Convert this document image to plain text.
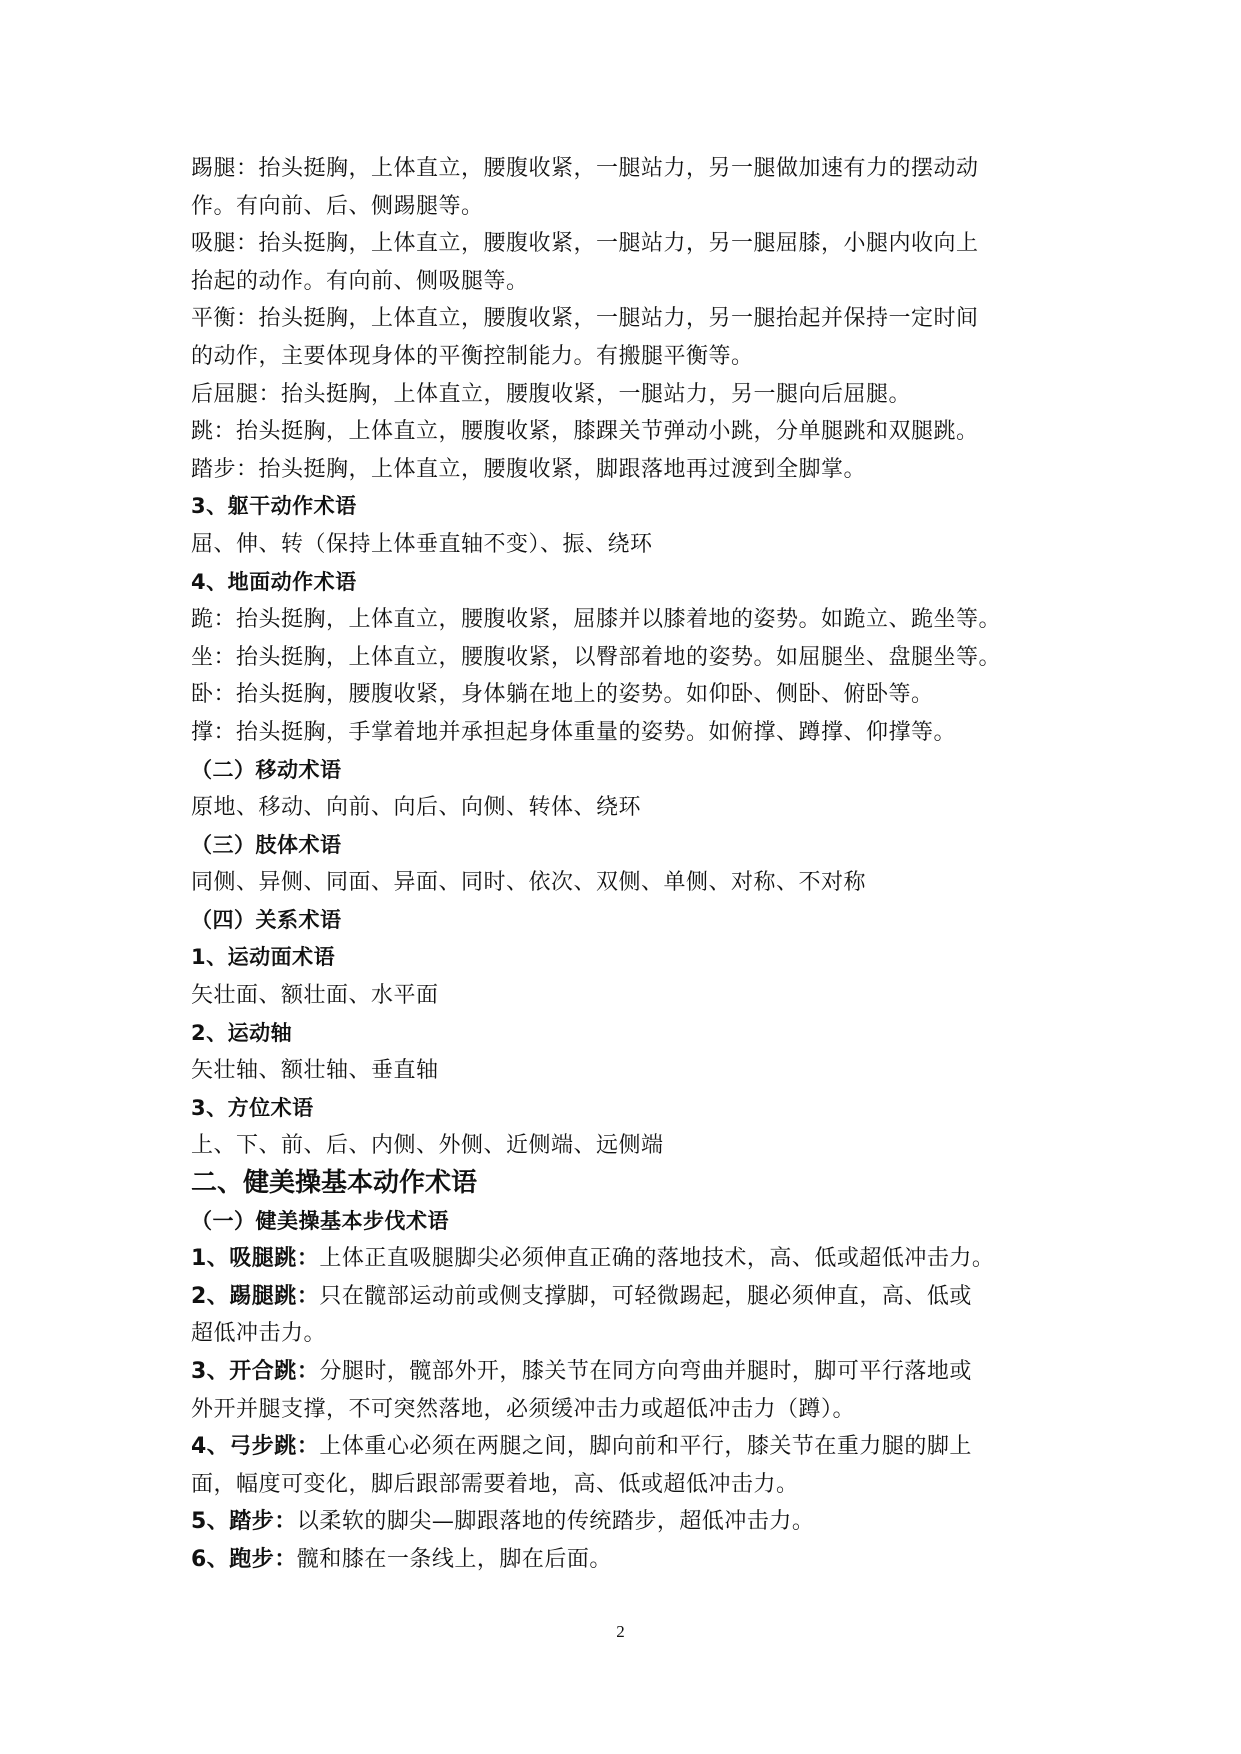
踢腿：抬头挺胸，上体直立，腰腹收紧，一腿站力，另一腿做加速有力的摆动动
作。有向前、后、侧踢腿等。
吸腿：抬头挺胸，上体直立，腰腹收紧，一腿站力，另一腿屈膝，小腿内收向上
抬起的动作。有向前、侧吸腿等。
平衡：抬头挺胸，上体直立，腰腹收紧，一腿站力，另一腿抬起并保持一定时间
的动作，主要体现身体的平衡控制能力。有搬腿平衡等。
后屈腿：抬头挺胸，上体直立，腰腹收紧，一腿站力，另一腿向后屈腿。
跳：抬头挺胸，上体直立，腰腹收紧，膝踝关节弹动小跳，分单腿跳和双腿跳。
踏步：抬头挺胸，上体直立，腰腹收紧，脚跟落地再过渡到全脚掌。
3、躯干动作术语
屈、伸、转（保持上体垂直轴不变）、振、绕环
4、地面动作术语
跪：抬头挺胸，上体直立，腰腹收紧，屈膝并以膝着地的姿势。如跪立、跪坐等。
坐：抬头挺胸，上体直立，腰腹收紧，以臀部着地的姿势。如屈腿坐、盘腿坐等。
卧：抬头挺胸，腰腹收紧，身体躺在地上的姿势。如仰卧、侧卧、俯卧等。
撑：抬头挺胸，手掌着地并承担起身体重量的姿势。如俯撑、蹲撑、仰撑等。
（二）移动术语
原地、移动、向前、向后、向侧、转体、绕环
（三）肢体术语
同侧、异侧、同面、异面、同时、依次、双侧、单侧、对称、不对称
（四）关系术语
1、运动面术语
矢壮面、额壮面、水平面
2、运动轴
矢壮轴、额壮轴、垂直轴
3、方位术语
上、下、前、后、内侧、外侧、近侧端、远侧端
二、健美操基本动作术语
（一）健美操基本步伐术语
1、吸腿跳：上体正直吸腿脚尖必须伸直正确的落地技术，高、低或超低冲击力。
2、踢腿跳：只在髋部运动前或侧支撑脚，可轻微踢起，腿必须伸直，高、低或
超低冲击力。
3、开合跳：分腿时，髋部外开，膝关节在同方向弯曲并腿时，脚可平行落地或
外开并腿支撑，不可突然落地，必须缓冲击力或超低冲击力（蹲）。
4、弓步跳：上体重心必须在两腿之间，脚向前和平行，膝关节在重力腿的脚上
面，幅度可变化，脚后跟部需要着地，高、低或超低冲击力。
5、踏步：以柔软的脚尖—脚跟落地的传统踏步，超低冲击力。
6、跑步：髋和膝在一条线上，脚在后面。
2
